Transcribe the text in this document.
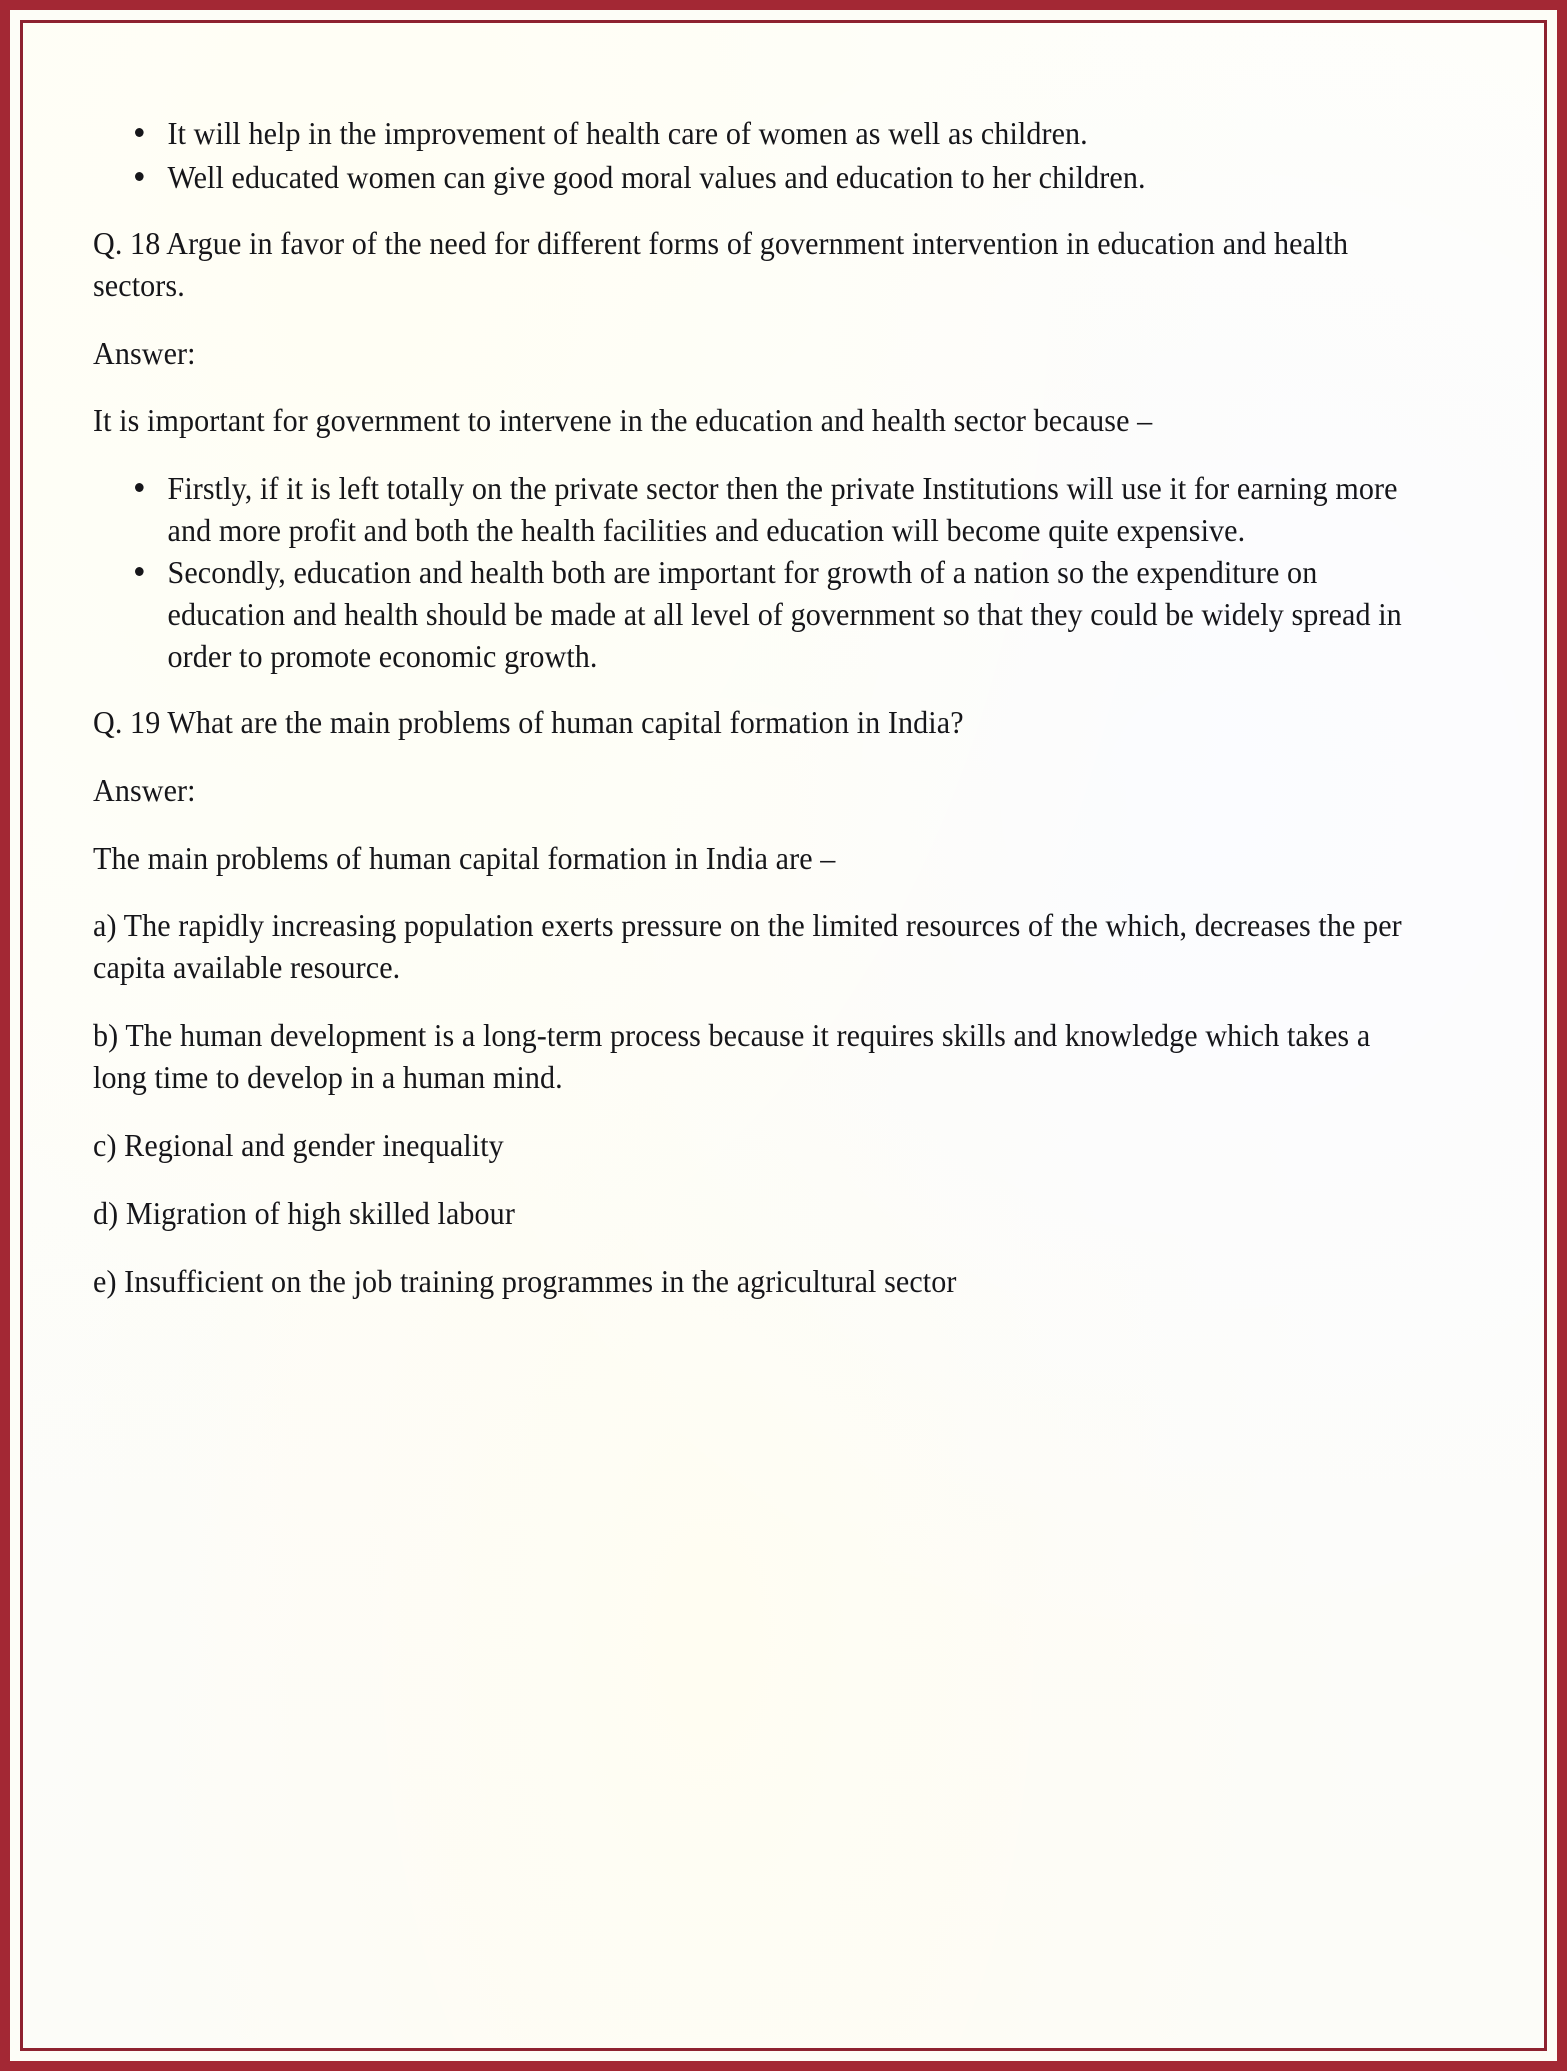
It will help in the improvement of health care of women as well as children.
Well educated women can give good moral values and education to her children.

Q. 18 Argue in favor of the need for different forms of government intervention in education and health sectors.

Answer:

It is important for government to intervene in the education and health sector because –

Firstly, if it is left totally on the private sector then the private Institutions will use it for earning more and more profit and both the health facilities and education will become quite expensive.
Secondly, education and health both are important for growth of a nation so the expenditure on education and health should be made at all level of government so that they could be widely spread in order to promote economic growth.

Q. 19 What are the main problems of human capital formation in India?

Answer:

The main problems of human capital formation in India are –

a) The rapidly increasing population exerts pressure on the limited resources of the which, decreases the per capita available resource.

b) The human development is a long-term process because it requires skills and knowledge which takes a long time to develop in a human mind.

c) Regional and gender inequality

d) Migration of high skilled labour

e) Insufficient on the job training programmes in the agricultural sector
